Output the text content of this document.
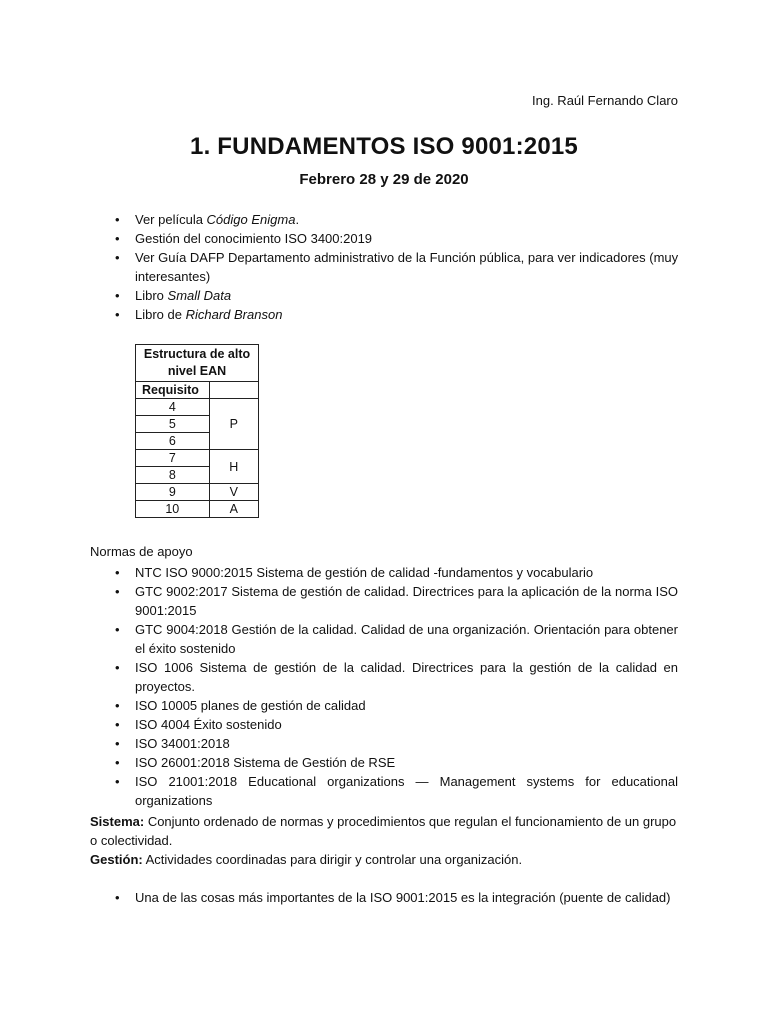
Ing. Raúl Fernando Claro
1. FUNDAMENTOS ISO 9001:2015
Febrero 28 y 29 de 2020
• Ver película Código Enigma.
• Gestión del conocimiento ISO 3400:2019
• Ver Guía DAFP Departamento administrativo de la Función pública, para ver indicadores (muy interesantes)
• Libro Small Data
• Libro de Richard Branson
Estructura de alto nivel EAN	
Requisito	
4	P
5	
6	
7	H
8	
9	V
10	A
Normas de apoyo
• NTC ISO 9000:2015 Sistema de gestión de calidad -fundamentos y vocabulario
• GTC 9002:2017 Sistema de gestión de calidad. Directrices para la aplicación de la norma ISO 9001:2015
• GTC 9004:2018 Gestión de la calidad. Calidad de una organización. Orientación para obtener el éxito sostenido
• ISO 1006 Sistema de gestión de la calidad. Directrices para la gestión de la calidad en proyectos.
• ISO 10005 planes de gestión de calidad
• ISO 4004 Éxito sostenido
• ISO 34001:2018
• ISO 26001:2018 Sistema de Gestión de RSE
• ISO 21001:2018 Educational organizations — Management systems for educational organizations
Sistema: Conjunto ordenado de normas y procedimientos que regulan el funcionamiento de un grupo o colectividad.
Gestión: Actividades coordinadas para dirigir y controlar una organización.
• Una de las cosas más importantes de la ISO 9001:2015 es la integración (puente de calidad)
